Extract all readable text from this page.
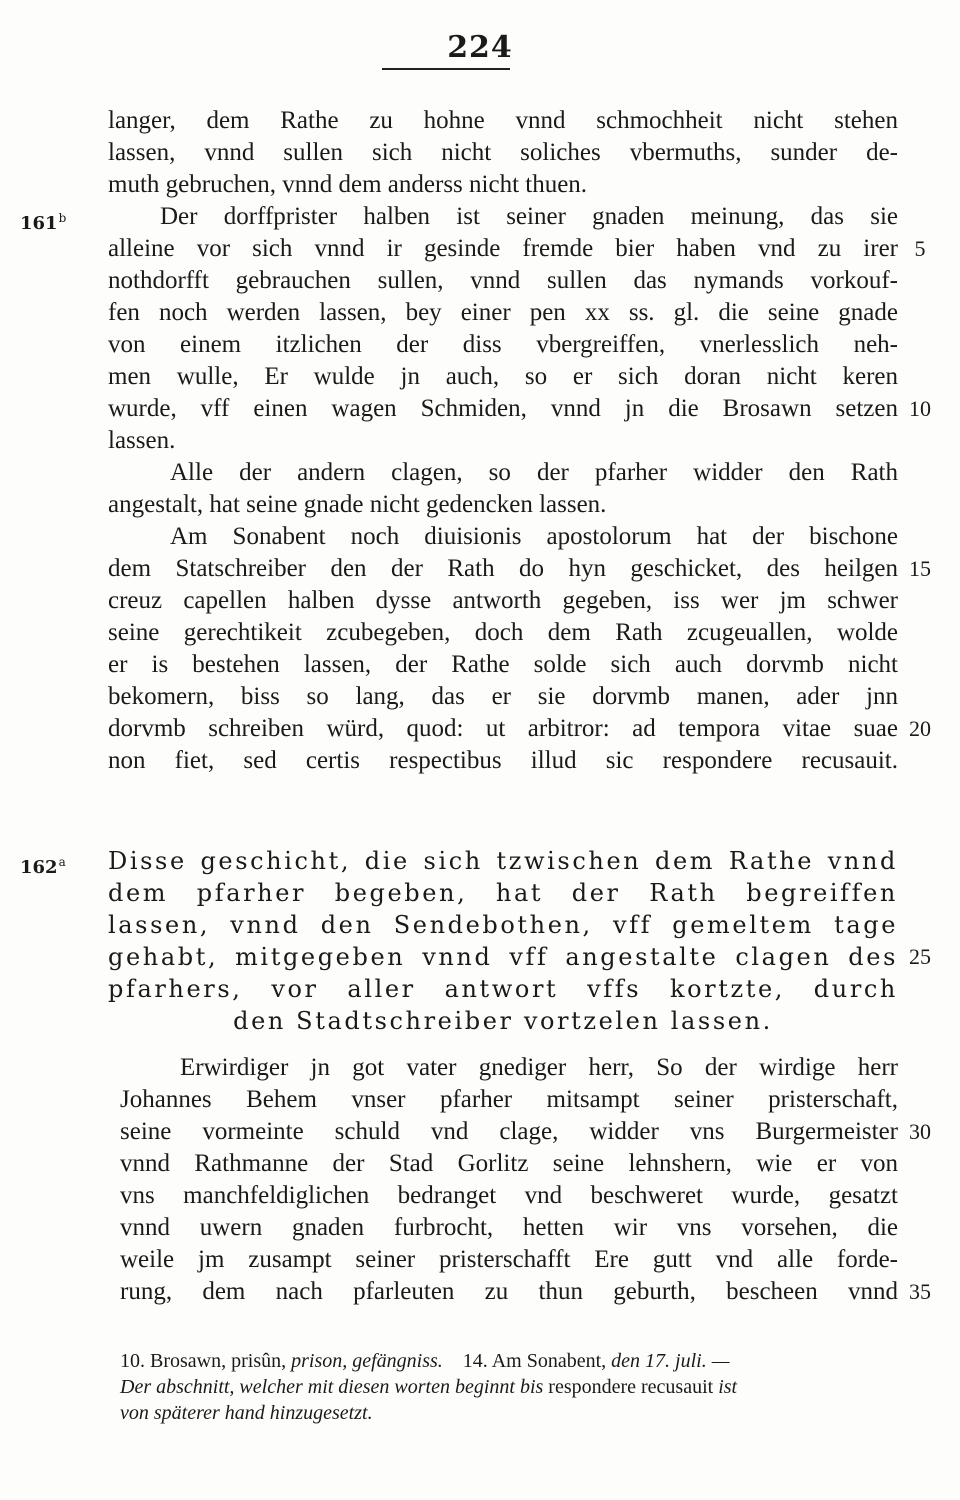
224
161$^b$
162$^a$
langer, dem Rathe zu hohne vnnd schmochheit nicht stehen
lassen, vnnd sullen sich nicht soliches vbermuths, sunder de-
muth gebruchen, vnnd dem anderss nicht thuen.
Der dorffprister halben ist seiner gnaden meinung, das sie
alleine vor sich vnnd ir gesinde fremde bier haben vnd zu irer
nothdorfft gebrauchen sullen, vnnd sullen das nymands vorkouf-
fen noch werden lassen, bey einer pen xx ss. gl. die seine gnade
von einem itzlichen der diss vbergreiffen, vnerlesslich neh-
men wulle, Er wulde jn auch, so er sich doran nicht keren
wurde, vff einen wagen Schmiden, vnnd jn die Brosawn setzen
lassen.
Alle der andern clagen, so der pfarher widder den Rath
angestalt, hat seine gnade nicht gedencken lassen.
Am Sonabent noch diuisionis apostolorum hat der bischone
dem Statschreiber den der Rath do hyn geschicket, des heilgen
creuz capellen halben dysse antworth gegeben, iss wer jm schwer
seine gerechtikeit zcubegeben, doch dem Rath zcugeuallen, wolde
er is bestehen lassen, der Rathe solde sich auch dorvmb nicht
bekomern, biss so lang, das er sie dorvmb manen, ader jnn
dorvmb schreiben würd, quod: ut arbitror: ad tempora vitae suae
non fiet, sed certis respectibus illud sic respondere recusauit.
Disse geschicht, die sich tzwischen dem Rathe vnnd
dem pfarher begeben, hat der Rath begreiffen
lassen, vnnd den Sendebothen, vff gemeltem tage
gehabt, mitgegeben vnnd vff angestalte clagen des
pfarhers, vor aller antwort vffs kortzte, durch
den Stadtschreiber vortzelen lassen.
Erwirdiger jn got vater gnediger herr, So der wirdige herr
Johannes Behem vnser pfarher mitsampt seiner pristerschaft,
seine vormeinte schuld vnd clage, widder vns Burgermeister
vnnd Rathmanne der Stad Gorlitz seine lehnshern, wie er von
vns manchfeldiglichen bedranget vnd beschweret wurde, gesatzt
vnnd uwern gnaden furbrocht, hetten wir vns vorsehen, die
weile jm zusampt seiner pristerschafft Ere gutt vnd alle forde-
rung, dem nach pfarleuten zu thun geburth, bescheen vnnd
5
10
15
20
25
30
35
10. Brosawn, prisûn, prison, gefängniss. 14. Am Sonabent, den 17. juli. —
Der abschnitt, welcher mit diesen worten beginnt bis respondere recusauit ist
von späterer hand hinzugesetzt.
